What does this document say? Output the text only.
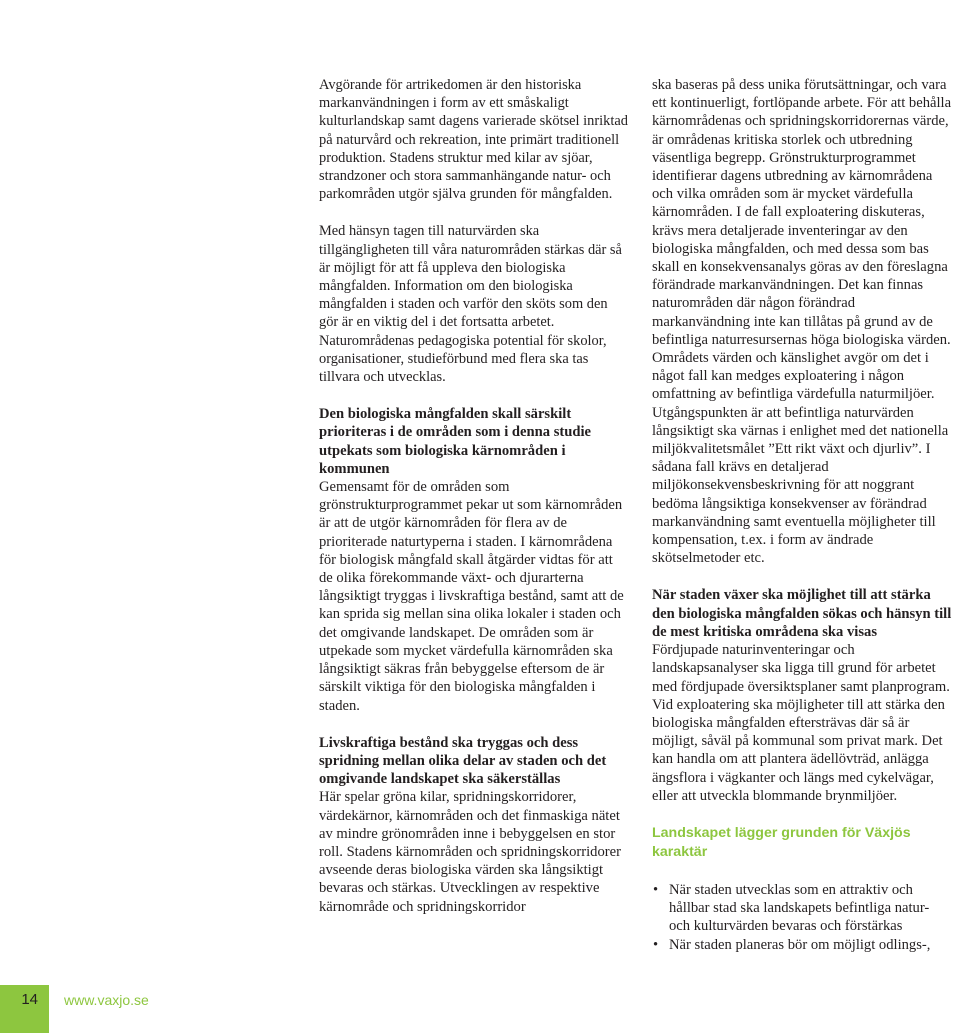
Avgörande för artrikedomen är den historiska markanvändningen i form av ett småskaligt kulturlandskap samt dagens varierade skötsel inriktad på naturvård och rekreation, inte primärt traditionell produktion. Stadens struktur med kilar av sjöar, strandzoner och stora sammanhängande natur- och parkområden utgör själva grunden för mångfalden.

Med hänsyn tagen till naturvärden ska tillgängligheten till våra naturområden stärkas där så är möjligt för att få uppleva den biologiska mångfalden. Information om den biologiska mångfalden i staden och varför den sköts som den gör är en viktig del i det fortsatta arbetet. Naturområdenas pedagogiska potential för skolor, organisationer, studieförbund med flera ska tas tillvara och utvecklas.

Den biologiska mångfalden skall särskilt prioriteras i de områden som i denna studie utpekats som biologiska kärnområden i kommunen

Gemensamt för de områden som grönstrukturprogrammet pekar ut som kärnområden är att de utgör kärnområden för flera av de prioriterade naturtyperna i staden. I kärnområdena för biologisk mångfald skall åtgärder vidtas för att de olika förekommande växt- och djurarterna långsiktigt tryggas i livskraftiga bestånd, samt att de kan sprida sig mellan sina olika lokaler i staden och det omgivande landskapet. De områden som är utpekade som mycket värdefulla kärnområden ska långsiktigt säkras från bebyggelse eftersom de är särskilt viktiga för den biologiska mångfalden i staden.

Livskraftiga bestånd ska tryggas och dess spridning mellan olika delar av staden och det omgivande landskapet ska säkerställas

Här spelar gröna kilar, spridningskorridorer, värdekärnor, kärnområden och det finmaskiga nätet av mindre grönområden inne i bebyggelsen en stor roll. Stadens kärnområden och spridningskorridorer avseende deras biologiska värden ska långsiktigt bevaras och stärkas. Utvecklingen av respektive kärnområde och spridningskorridor

ska baseras på dess unika förutsättningar, och vara ett kontinuerligt, fortlöpande arbete. För att behålla kärnområdenas och spridningskorridorernas värde, är områdenas kritiska storlek och utbredning väsentliga begrepp. Grönstrukturprogrammet identifierar dagens utbredning av kärnområdena och vilka områden som är mycket värdefulla kärnområden. I de fall exploatering diskuteras, krävs mera detaljerade inventeringar av den biologiska mångfalden, och med dessa som bas skall en konsekvensanalys göras av den föreslagna förändrade markanvändningen. Det kan finnas naturområden där någon förändrad markanvändning inte kan tillåtas på grund av de befintliga naturresursernas höga biologiska värden. Områdets värden och känslighet avgör om det i något fall kan medges exploatering i någon omfattning av befintliga värdefulla naturmiljöer. Utgångspunkten är att befintliga naturvärden långsiktigt ska värnas i enlighet med det nationella miljökvalitetsmålet ”Ett rikt växt och djurliv”. I sådana fall krävs en detaljerad miljökonsekvensbeskrivning för att noggrant bedöma långsiktiga konsekvenser av förändrad markanvändning samt eventuella möjligheter till kompensation, t.ex. i form av ändrade skötselmetoder etc.

När staden växer ska möjlighet till att stärka den biologiska mångfalden sökas och hänsyn till de mest kritiska områdena ska visas

Fördjupade naturinventeringar och landskapsanalyser ska ligga till grund för arbetet med fördjupade översiktsplaner samt planprogram. Vid exploatering ska möjligheter till att stärka den biologiska mångfalden eftersträvas där så är möjligt, såväl på kommunal som privat mark. Det kan handla om att plantera ädellövträd, anlägga ängsflora i vägkanter och längs med cykelvägar, eller att utveckla blommande brynmiljöer.

Landskapet lägger grunden för Växjös karaktär
• När staden utvecklas som en attraktiv och hållbar stad ska landskapets befintliga natur- och kulturvärden bevaras och förstärkas
• När staden planeras bör om möjligt odlings-,
14 www.vaxjo.se
